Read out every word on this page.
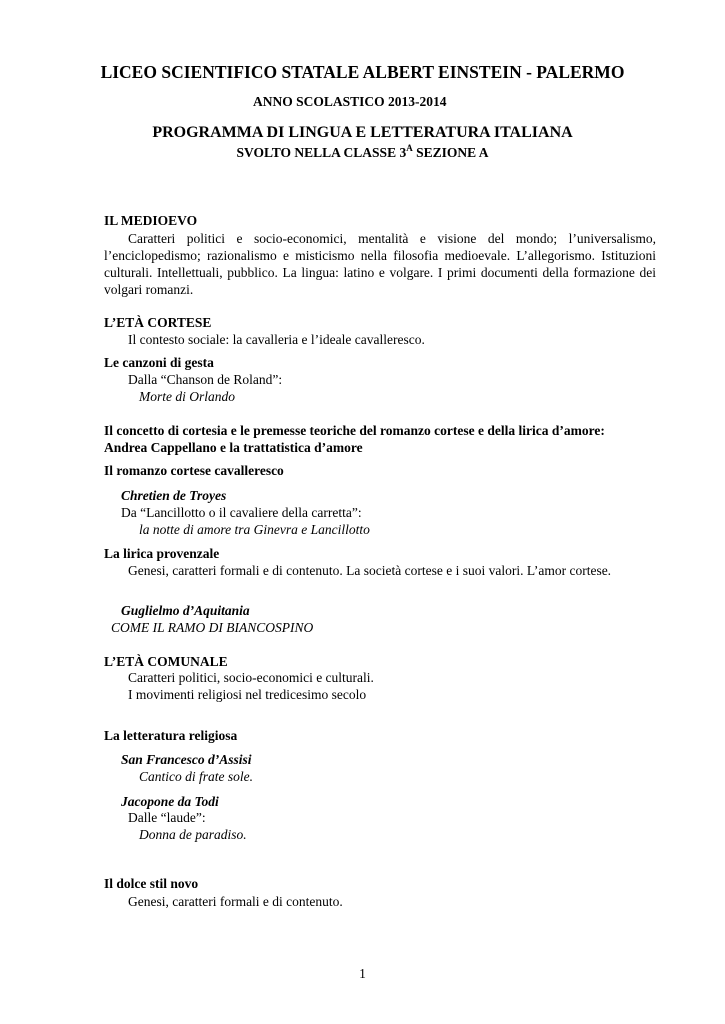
LICEO SCIENTIFICO STATALE ALBERT EINSTEIN - PALERMO
ANNO SCOLASTICO 2013-2014
PROGRAMMA DI LINGUA E LETTERATURA ITALIANA
SVOLTO NELLA CLASSE $3^A$ SEZIONE A
IL MEDIOEVO
Caratteri politici e socio-economici, mentalità e visione del mondo; l’universalismo, l’enciclopedismo; razionalismo e misticismo nella filosofia medioevale. L’allegorismo. Istituzioni culturali. Intellettuali, pubblico. La lingua: latino e volgare. I primi documenti della formazione dei volgari romanzi.
L’ETÀ CORTESE
Il contesto sociale: la cavalleria e l’ideale cavalleresco.
Le canzoni di gesta
Dalla “Chanson de Roland”:
Morte di Orlando
Il concetto di cortesia e le premesse teoriche del romanzo cortese e della lirica d’amore:
Andrea Cappellano e la trattatistica d’amore
Il romanzo cortese cavalleresco
Chretien de Troyes
Da “Lancillotto o il cavaliere della carretta”:
la notte di amore tra Ginevra e Lancillotto
La lirica provenzale
Genesi, caratteri formali e di contenuto. La società cortese e i suoi valori. L’amor cortese.
Guglielmo d’Aquitania
COME IL RAMO DI BIANCOSPINO
L’ETÀ COMUNALE
Caratteri politici, socio-economici e culturali.
I movimenti religiosi nel tredicesimo secolo
La letteratura religiosa
San Francesco d’Assisi
Cantico di frate sole.
Jacopone da Todi
Dalle “laude”:
Donna de paradiso.
Il dolce stil novo
Genesi, caratteri formali e di contenuto.
1
